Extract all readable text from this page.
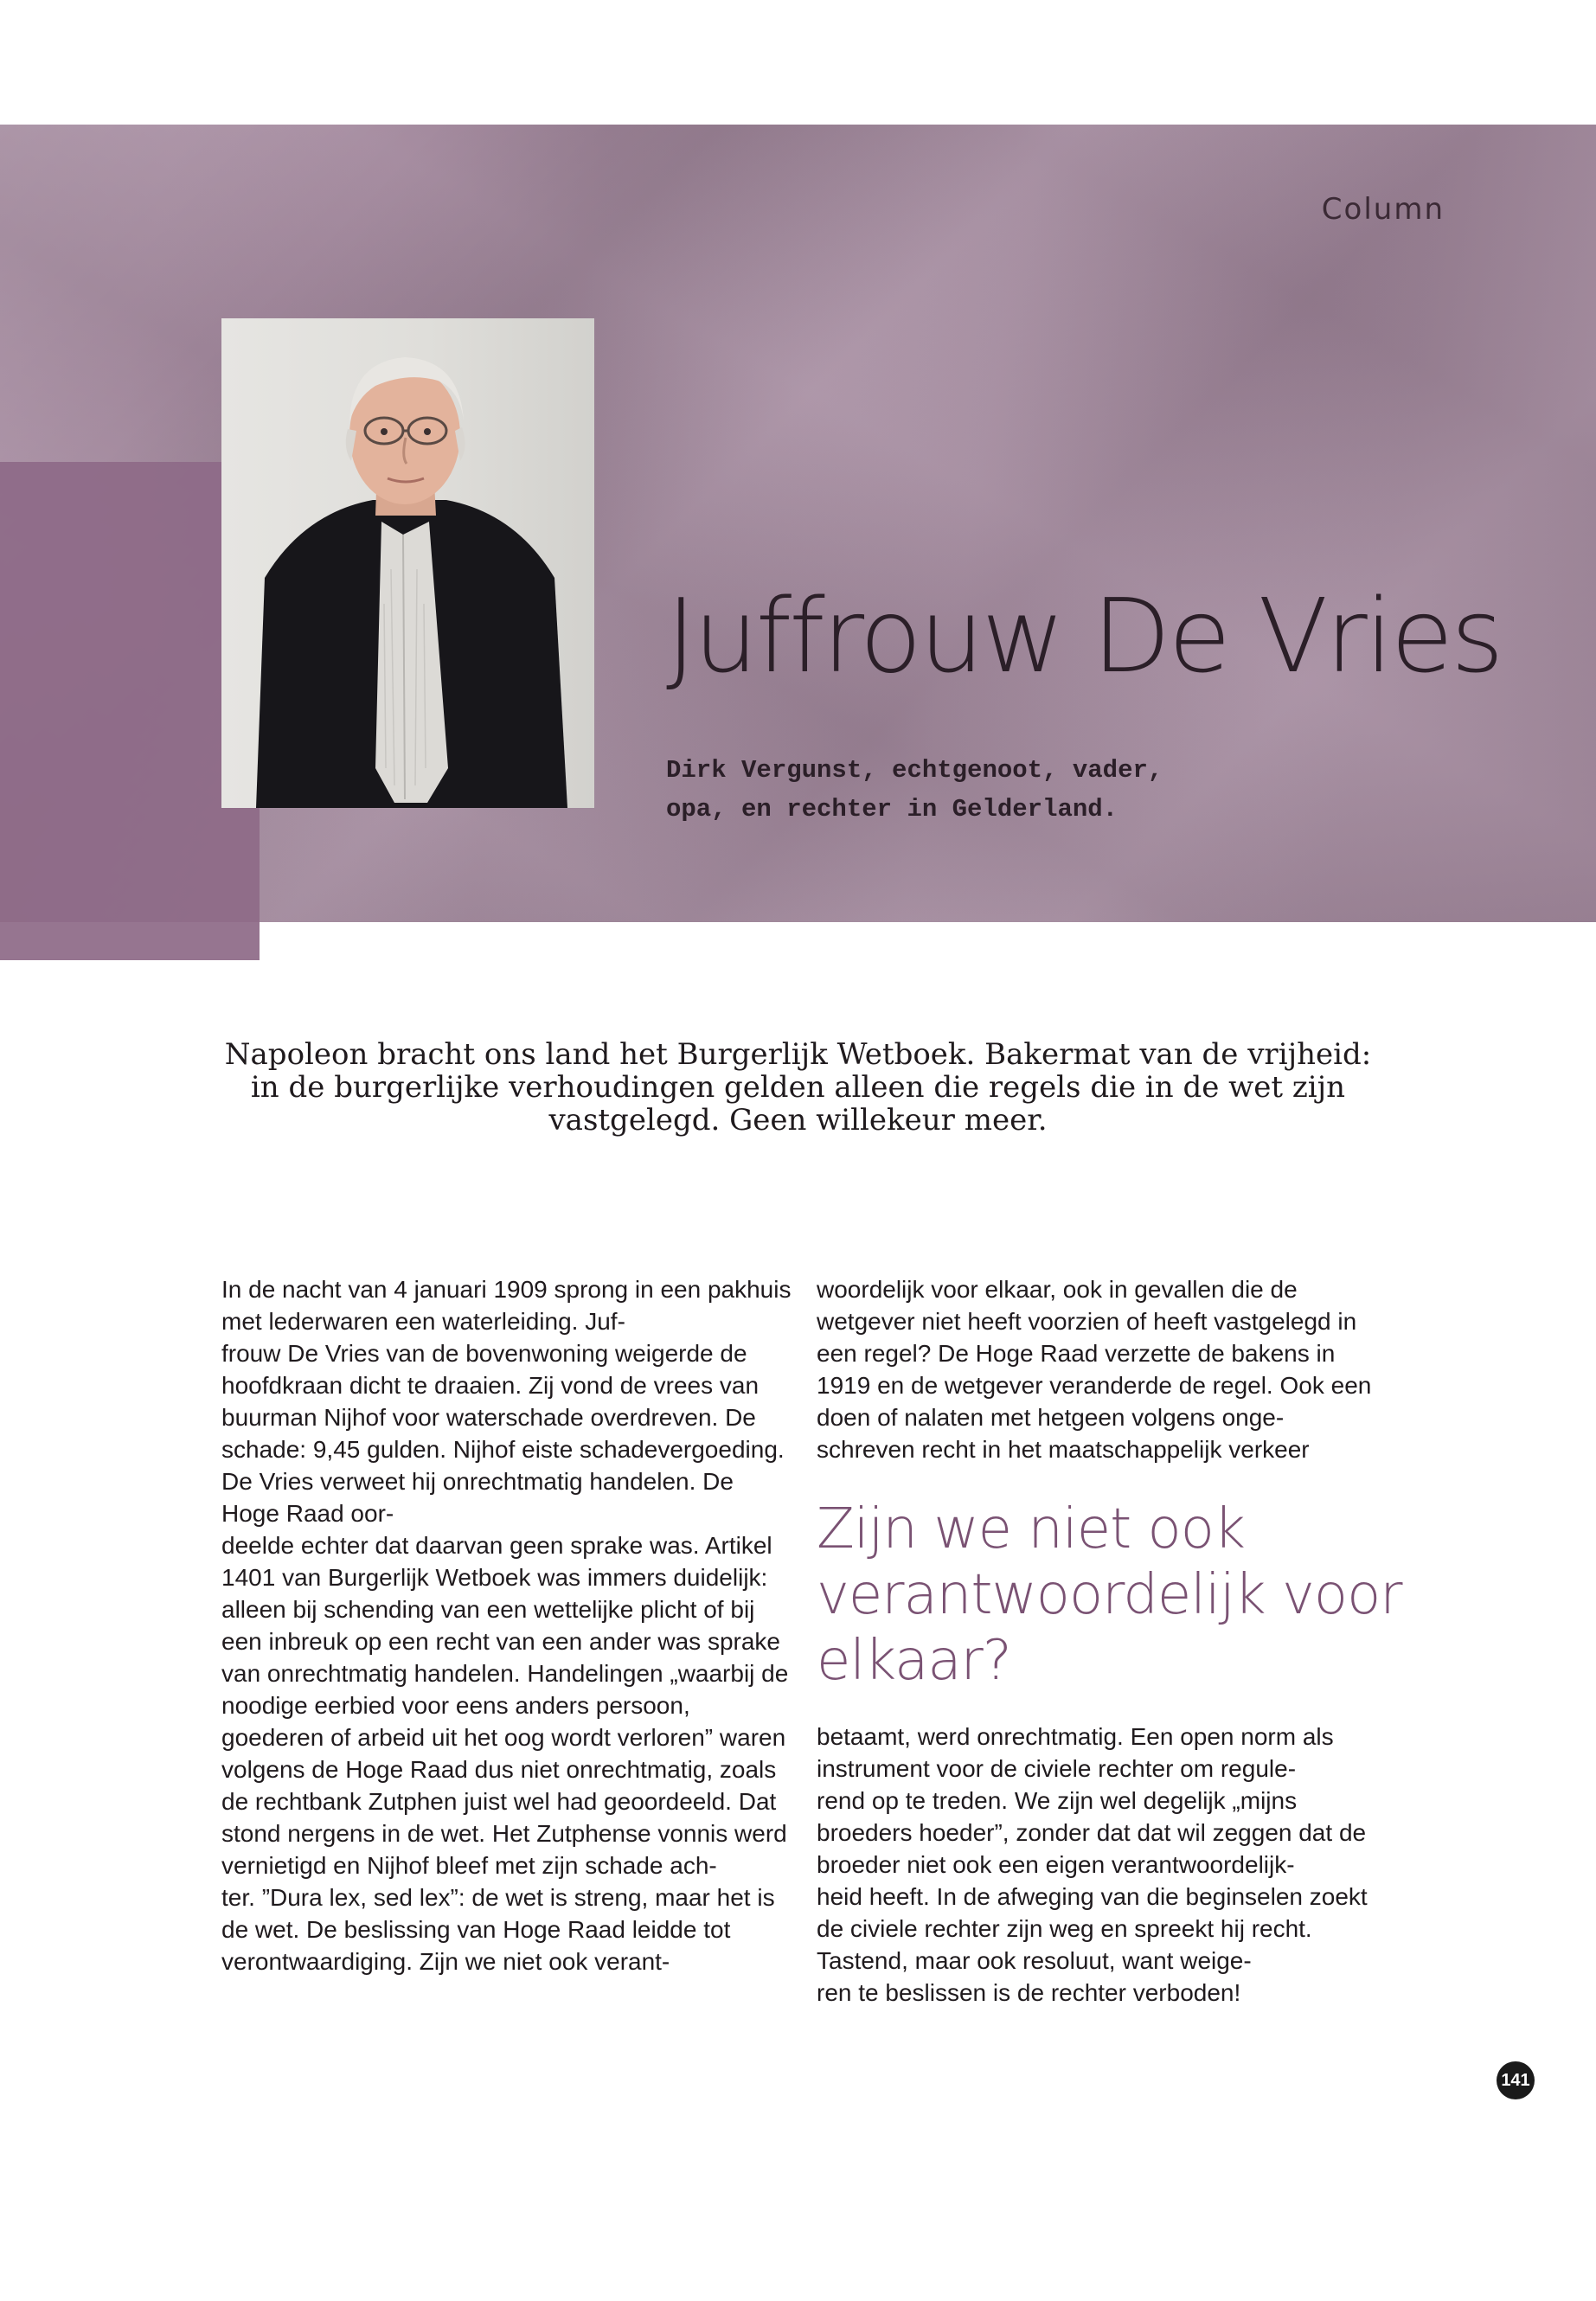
Column
Juffrouw De Vries

Dirk Vergunst, echtgenoot, vader,
opa, en rechter in Gelderland.

Napoleon bracht ons land het Burgerlijk Wetboek. Bakermat van de vrijheid: in de burgerlijke verhoudingen gelden alleen die regels die in de wet zijn vastgelegd. Geen willekeur meer.

In de nacht van 4 januari 1909 sprong in een pakhuis met lederwaren een waterleiding. Juf-
frouw De Vries van de bovenwoning weigerde de hoofdkraan dicht te draaien. Zij vond de vrees van buurman Nijhof voor waterschade overdreven. De schade: 9,45 gulden. Nijhof eiste schadevergoeding. De Vries verweet hij onrechtmatig handelen. De Hoge Raad oor-
deelde echter dat daarvan geen sprake was. Artikel 1401 van Burgerlijk Wetboek was immers duidelijk: alleen bij schending van een wettelijke plicht of bij een inbreuk op een recht van een ander was sprake van onrechtmatig handelen. Handelingen „waarbij de noodige eerbied voor eens anders persoon, goederen of arbeid uit het oog wordt verloren” waren volgens de Hoge Raad dus niet onrechtmatig, zoals de rechtbank Zutphen juist wel had geoordeeld. Dat stond nergens in de wet. Het Zutphense vonnis werd vernietigd en Nijhof bleef met zijn schade ach-
ter. ”Dura lex, sed lex”: de wet is streng, maar het is de wet. De beslissing van Hoge Raad leidde tot verontwaardiging. Zijn we niet ook verant-

woordelijk voor elkaar, ook in gevallen die de wetgever niet heeft voorzien of heeft vastgelegd in een regel? De Hoge Raad verzette de bakens in 1919 en de wetgever veranderde de regel. Ook een doen of nalaten met hetgeen volgens onge-
schreven recht in het maatschappelijk verkeer

Zijn we niet ook verantwoordelijk voor elkaar?

betaamt, werd onrechtmatig. Een open norm als instrument voor de civiele rechter om regule-
rend op te treden. We zijn wel degelijk „mijns broeders hoeder”, zonder dat dat wil zeggen dat de broeder niet ook een eigen verantwoordelijk-
heid heeft. In de afweging van die beginselen zoekt de civiele rechter zijn weg en spreekt hij recht. Tastend, maar ook resoluut, want weige-
ren te beslissen is de rechter verboden!

141
